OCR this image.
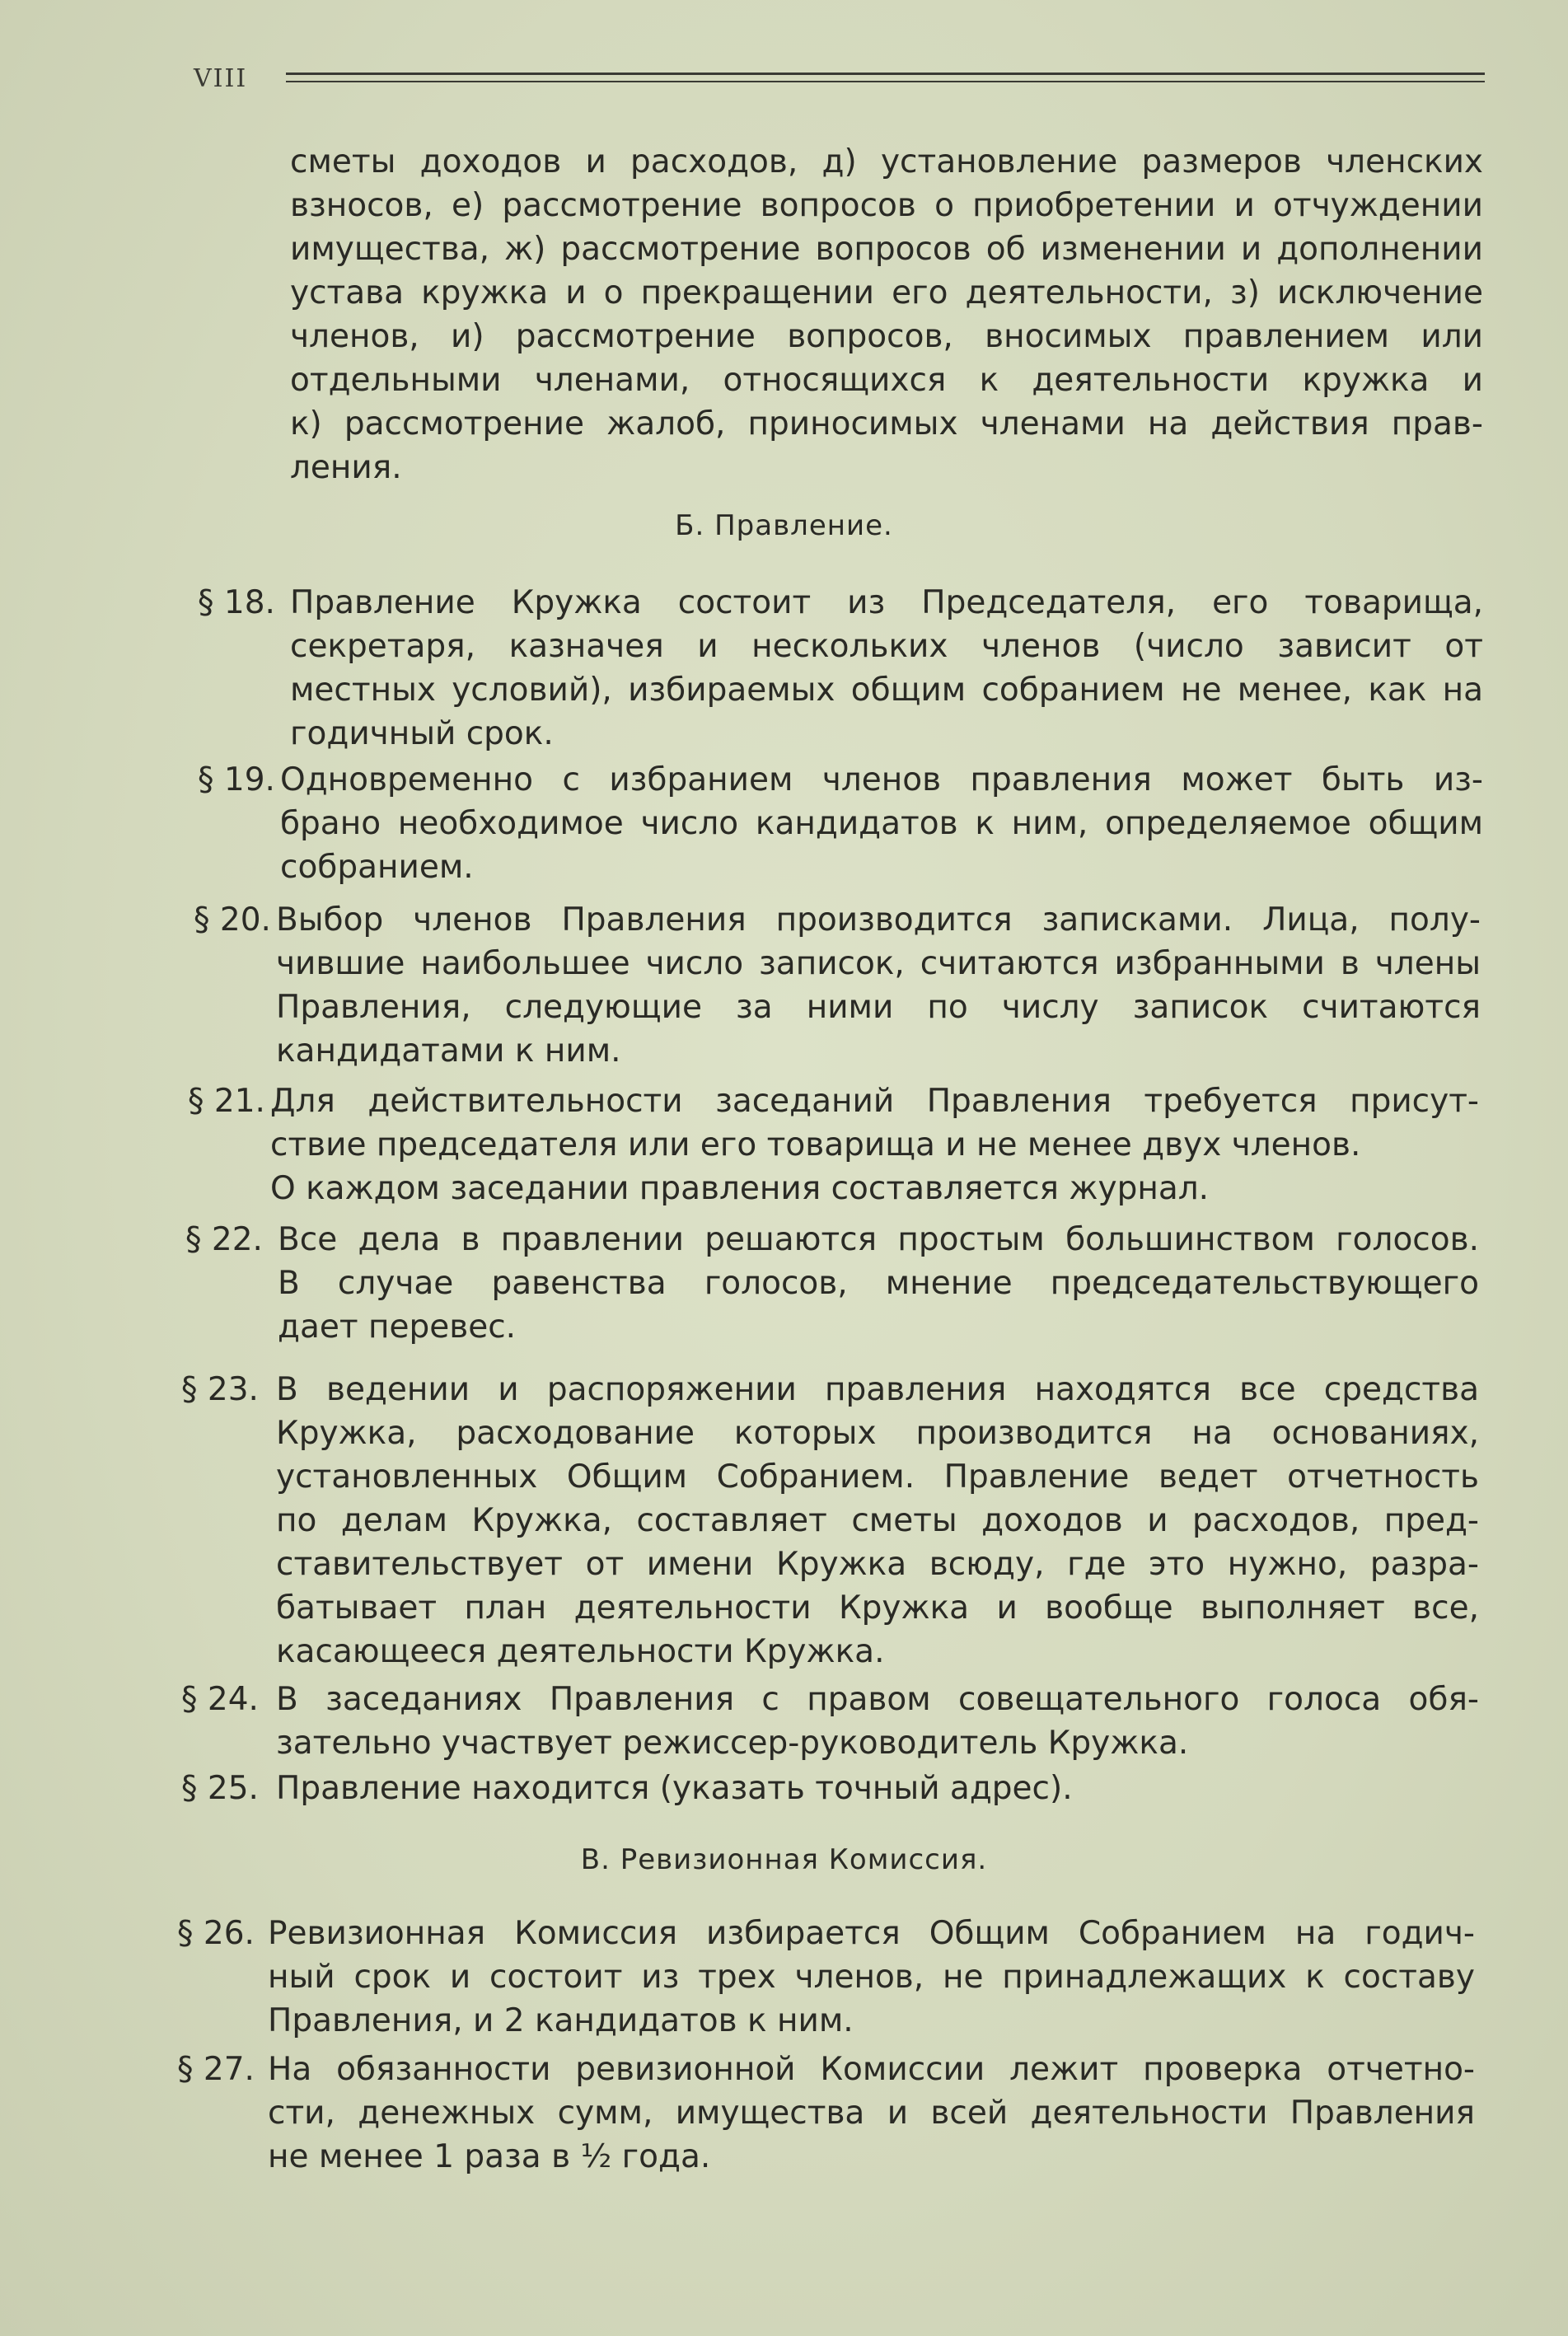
VIII
сметы доходов и расходов, д) установление размеров членских
взносов, е) рассмотрение вопросов о приобретении и отчуждении
имущества, ж) рассмотрение вопросов об изменении и дополнении
устава кружка и о прекращении его деятельности, з) исключение
членов, и) рассмотрение вопросов, вносимых правлением или
отдельными членами, относящихся к деятельности кружка и
к) рассмотрение жалоб, приносимых членами на действия прав-
ления.
Б. Правление.
§ 18. Правление Кружка состоит из Председателя, его товарища,
секретаря, казначея и нескольких членов (число зависит от
местных условий), избираемых общим собранием не менее, как на
годичный срок.
§ 19. Одновременно с избранием членов правления может быть из-
брано необходимое число кандидатов к ним, определяемое общим
собранием.
§ 20. Выбор членов Правления производится записками. Лица, полу-
чившие наибольшее число записок, считаются избранными в члены
Правления, следующие за ними по числу записок считаются
кандидатами к ним.
§ 21. Для действительности заседаний Правления требуется присут-
ствие председателя или его товарища и не менее двух членов.
О каждом заседании правления составляется журнал.
§ 22. Все дела в правлении решаются простым большинством голосов.
В случае равенства голосов, мнение председательствующего
дает перевес.
§ 23. В ведении и распоряжении правления находятся все средства
Кружка, расходование которых производится на основаниях,
установленных Общим Собранием. Правление ведет отчетность
по делам Кружка, составляет сметы доходов и расходов, пред-
ставительствует от имени Кружка всюду, где это нужно, разра-
батывает план деятельности Кружка и вообще выполняет все,
касающееся деятельности Кружка.
§ 24. В заседаниях Правления с правом совещательного голоса обя-
зательно участвует режиссер-руководитель Кружка.
§ 25. Правление находится (указать точный адрес).
В. Ревизионная Комиссия.
§ 26. Ревизионная Комиссия избирается Общим Собранием на годич-
ный срок и состоит из трех членов, не принадлежащих к составу
Правления, и 2 кандидатов к ним.
§ 27. На обязанности ревизионной Комиссии лежит проверка отчетно-
сти, денежных сумм, имущества и всей деятельности Правления
не менее 1 раза в ½ года.
